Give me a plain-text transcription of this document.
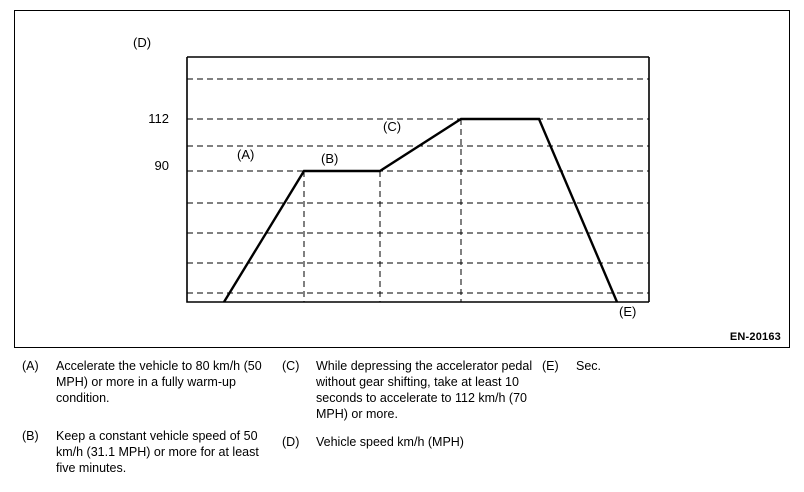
(D)
(E)
112
90
(A)	(B)
(C)
EN-20163
(A)	Accelerate the vehicle to 80 km/h (50 MPH) or more in a fully warm-up condition.
(B)	Keep a constant vehicle speed of 50 km/h (31.1 MPH) or more for at least five minutes.
(C)	While depressing the accelerator pedal without gear shifting, take at least 10 seconds to accelerate to 112 km/h (70 MPH) or more.
(D)	Vehicle speed km/h (MPH)
(E)	Sec.
